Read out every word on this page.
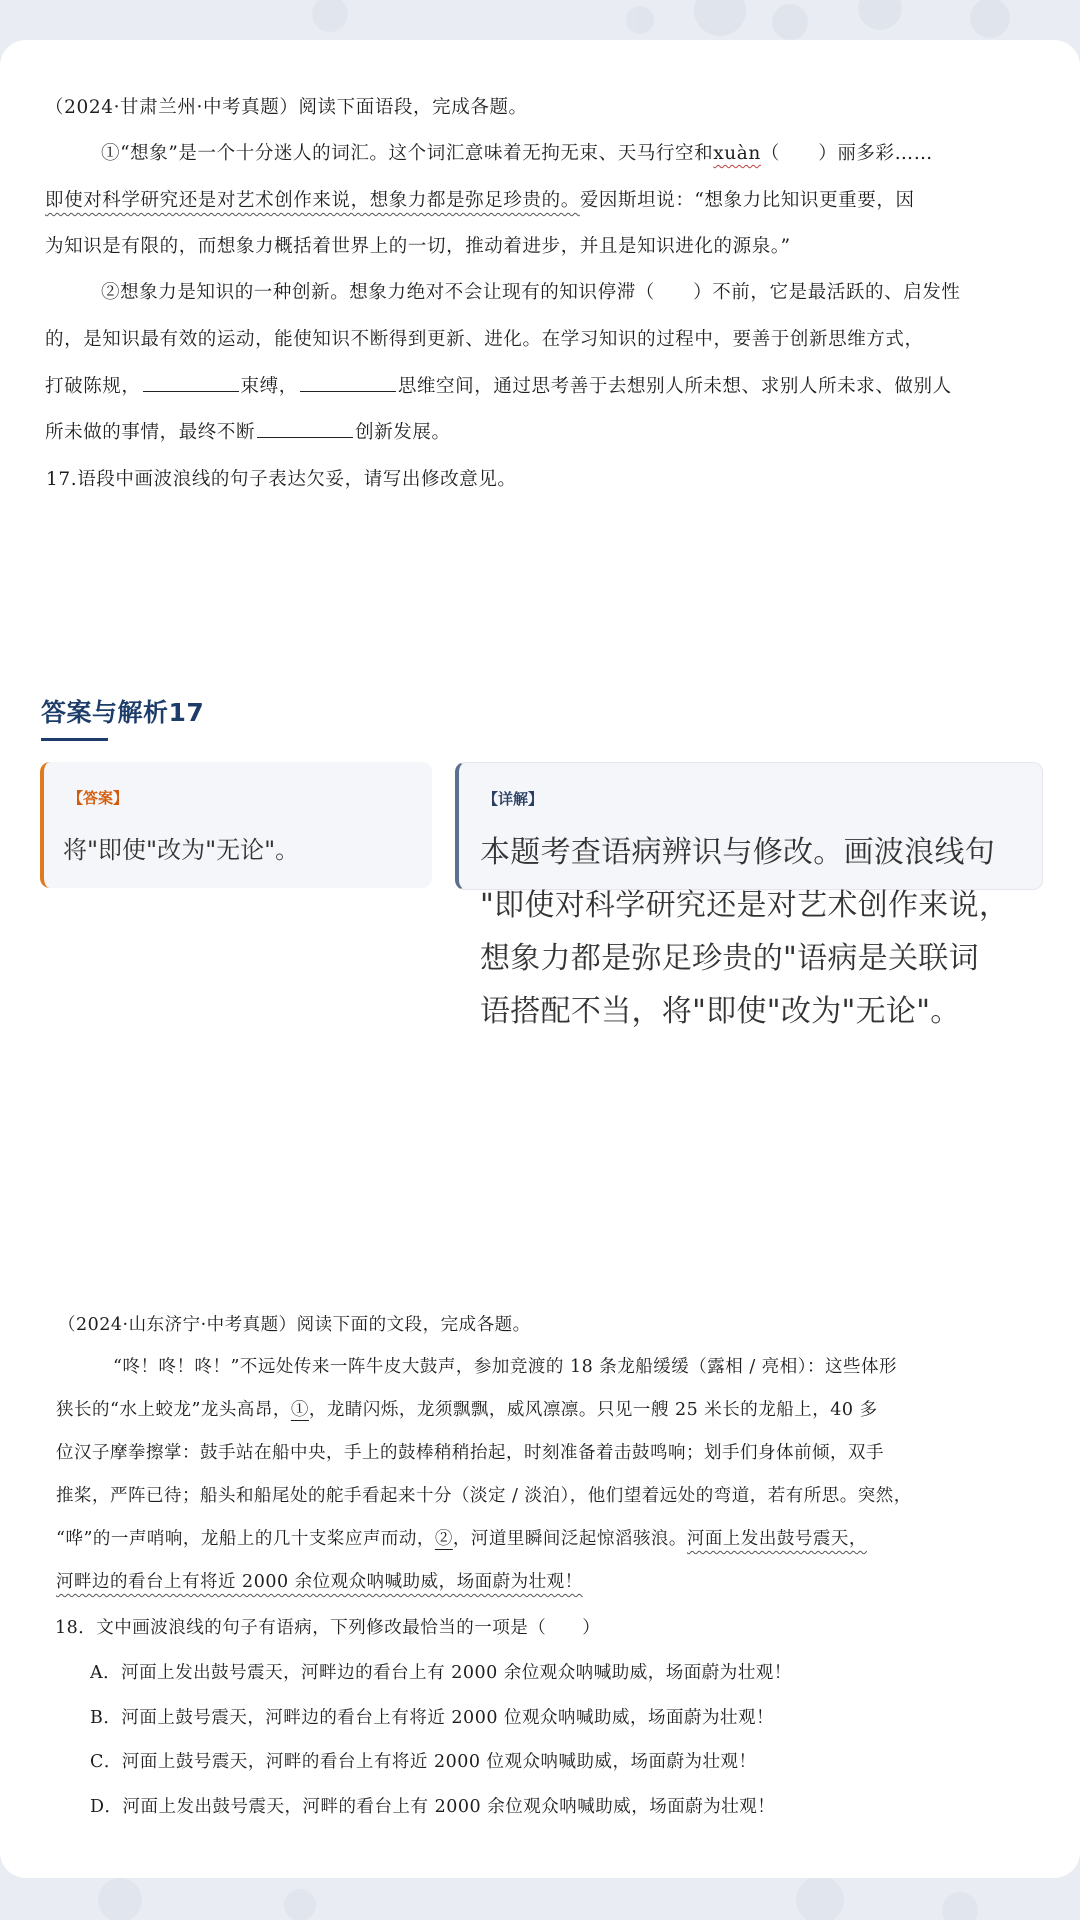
（2024·甘肃兰州·中考真题）阅读下面语段，完成各题。
①“想象”是一个十分迷人的词汇。这个词汇意味着无拘无束、天马行空和xuàn（　　）丽多彩……
即使对科学研究还是对艺术创作来说，想象力都是弥足珍贵的。爱因斯坦说：“想象力比知识更重要，因
为知识是有限的，而想象力概括着世界上的一切，推动着进步，并且是知识进化的源泉。”
②想象力是知识的一种创新。想象力绝对不会让现有的知识停滞（　　）不前，它是最活跃的、启发性
的，是知识最有效的运动，能使知识不断得到更新、进化。在学习知识的过程中，要善于创新思维方式，
打破陈规，	束缚，	思维空间，通过思考善于去想别人所未想、求别人所未求、做别人
所未做的事情，最终不断	创新发展。
17.语段中画波浪线的句子表达欠妥，请写出修改意见。
答案与解析17
【答案】
将"即使"改为"无论"。
【详解】
本题考查语病辨识与修改。画波浪线句
"即使对科学研究还是对艺术创作来说，
想象力都是弥足珍贵的"语病是关联词
语搭配不当，将"即使"改为"无论"。
（2024·山东济宁·中考真题）阅读下面的文段，完成各题。
“咚！咚！咚！”不远处传来一阵牛皮大鼓声，参加竞渡的 18 条龙船缓缓（露相 / 亮相）：这些体形
狭长的“水上蛟龙”龙头高昂，①，龙睛闪烁，龙须飘飘，威风凛凛。只见一艘 25 米长的龙船上，40 多
位汉子摩拳擦掌：鼓手站在船中央，手上的鼓棒稍稍抬起，时刻准备着击鼓鸣响；划手们身体前倾，双手
推桨，严阵已待；船头和船尾处的舵手看起来十分（淡定 / 淡泊），他们望着远处的弯道，若有所思。突然，
“哗”的一声哨响，龙船上的几十支桨应声而动，②，河道里瞬间泛起惊滔骇浪。河面上发出鼓号震天，
河畔边的看台上有将近 2000 余位观众呐喊助威，场面蔚为壮观！
18．文中画波浪线的句子有语病，下列修改最恰当的一项是（　　）
A．河面上发出鼓号震天，河畔边的看台上有 2000 余位观众呐喊助威，场面蔚为壮观！
B．河面上鼓号震天，河畔边的看台上有将近 2000 位观众呐喊助威，场面蔚为壮观！
C．河面上鼓号震天，河畔的看台上有将近 2000 位观众呐喊助威，场面蔚为壮观！
D．河面上发出鼓号震天，河畔的看台上有 2000 余位观众呐喊助威，场面蔚为壮观！
